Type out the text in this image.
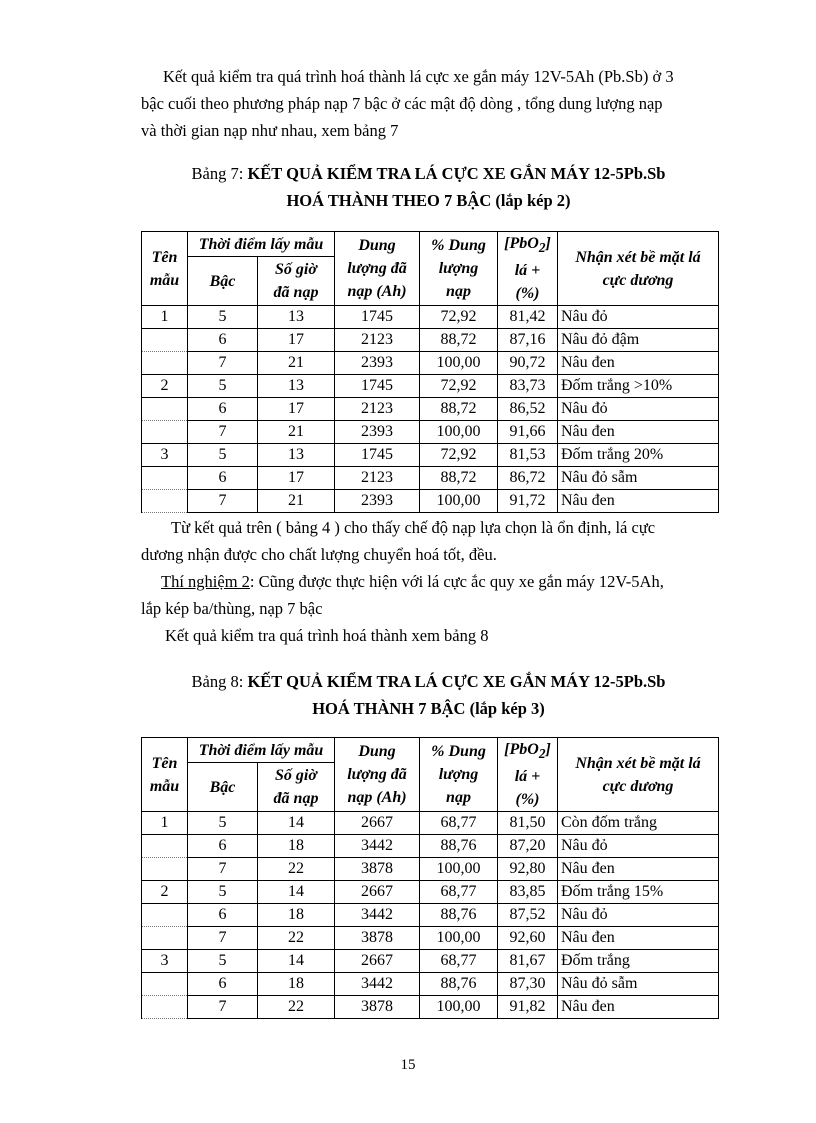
Kết quả kiểm tra quá trình hoá thành lá cực xe gắn máy 12V-5Ah (Pb.Sb) ở 3
bậc cuối theo phương pháp nạp 7 bậc ở các mật độ dòng , tổng dung lượng nạp
và thời gian nạp như nhau, xem bảng 7

Bảng 7: KẾT QUẢ KIỂM TRA LÁ CỰC XE GẮN MÁY 12-5Pb.Sb
HOÁ THÀNH THEO 7 BẬC (lắp kép 2)

Tên
mẫu	Thời điểm lấy mẫu		Dung
lượng đã
nạp (Ah)	% Dung
lượng
nạp	[PbO$_2$]
lá +
(%)	Nhận xét bề mặt lá
cực dương
	Bậc	Số giờ
đã nạp				
1	5	13	1745	72,92	81,42	Nâu đỏ
	6	17	2123	88,72	87,16	Nâu đỏ đậm
	7	21	2393	100,00	90,72	Nâu đen
2	5	13	1745	72,92	83,73	Đốm trắng >10%
	6	17	2123	88,72	86,52	Nâu đỏ
	7	21	2393	100,00	91,66	Nâu đen
3	5	13	1745	72,92	81,53	Đốm trắng 20%
	6	17	2123	88,72	86,72	Nâu đỏ sẫm
	7	21	2393	100,00	91,72	Nâu đen

Từ kết quả trên ( bảng 4 ) cho thấy chế độ nạp lựa chọn là ổn định, lá cực
dương nhận được cho chất lượng chuyển hoá tốt, đều.
Thí nghiệm 2: Cũng được thực hiện với lá cực ắc quy xe gắn máy 12V-5Ah,
lắp kép ba/thùng, nạp 7 bậc
Kết quả kiểm tra quá trình hoá thành xem bảng 8

Bảng 8: KẾT QUẢ KIỂM TRA LÁ CỰC XE GẮN MÁY 12-5Pb.Sb
HOÁ THÀNH 7 BẬC (lắp kép 3)

Tên
mẫu	Thời điểm lấy mẫu		Dung
lượng đã
nạp (Ah)	% Dung
lượng
nạp	[PbO$_2$]
lá +
(%)	Nhận xét bề mặt lá
cực dương
	Bậc	Số giờ
đã nạp				
1	5	14	2667	68,77	81,50	Còn đốm trắng
	6	18	3442	88,76	87,20	Nâu đỏ
	7	22	3878	100,00	92,80	Nâu đen
2	5	14	2667	68,77	83,85	Đốm trắng 15%
	6	18	3442	88,76	87,52	Nâu đỏ
	7	22	3878	100,00	92,60	Nâu đen
3	5	14	2667	68,77	81,67	Đốm trắng
	6	18	3442	88,76	87,30	Nâu đỏ sẫm
	7	22	3878	100,00	91,82	Nâu đen
15
